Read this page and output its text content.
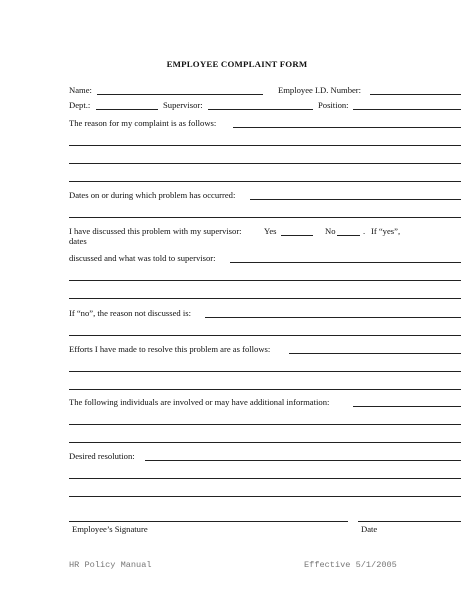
EMPLOYEE COMPLAINT FORM
Name:	Employee I.D. Number:
Dept.:	Supervisor:	Position:
The reason for my complaint is as follows:
Dates on or during which problem has occurred:
I have discussed this problem with my supervisor:	Yes	No	. If “yes”,
dates
discussed and what was told to supervisor:
If “no”, the reason not discussed is:
Efforts I have made to resolve this problem are as follows:
The following individuals are involved or may have additional information:
Desired resolution:
Employee’s Signature	Date
HR Policy Manual	Effective 5/1/2005
